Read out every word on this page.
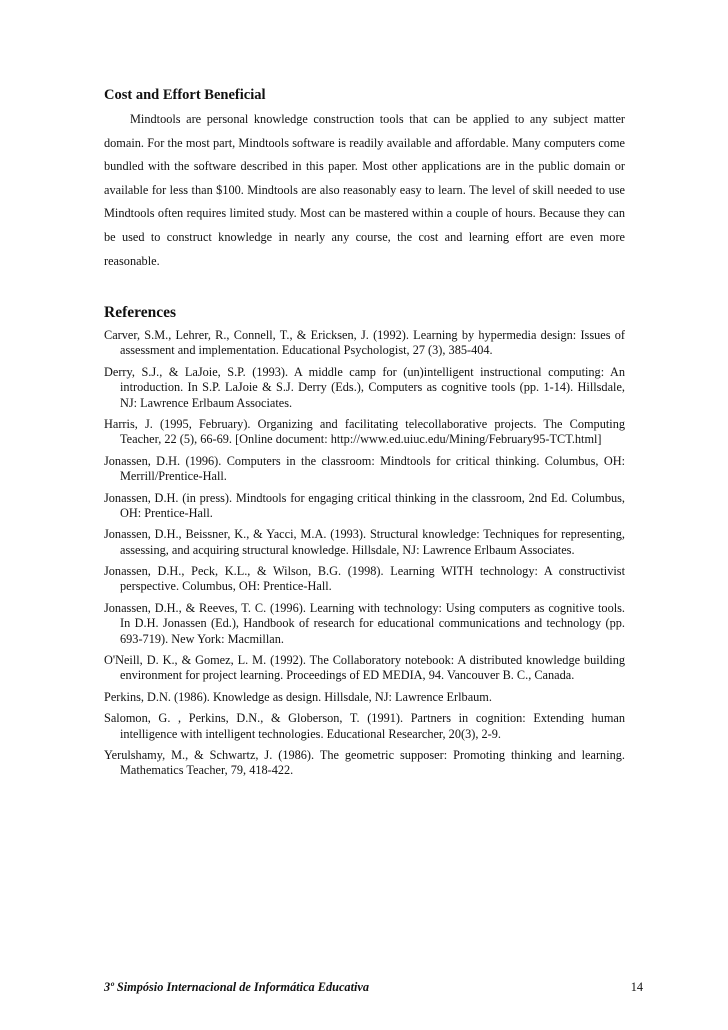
Cost and Effort Beneficial

Mindtools are personal knowledge construction tools that can be applied to any subject matter domain. For the most part, Mindtools software is readily available and affordable. Many computers come bundled with the software described in this paper. Most other applications are in the public domain or available for less than $100. Mindtools are also reasonably easy to learn. The level of skill needed to use Mindtools often requires limited study. Most can be mastered within a couple of hours. Because they can be used to construct knowledge in nearly any course, the cost and learning effort are even more reasonable.

References

Carver, S.M., Lehrer, R., Connell, T., & Ericksen, J. (1992). Learning by hypermedia design: Issues of assessment and implementation. Educational Psychologist, 27 (3), 385-404.

Derry, S.J., & LaJoie, S.P. (1993). A middle camp for (un)intelligent instructional computing: An introduction. In S.P. LaJoie & S.J. Derry (Eds.), Computers as cognitive tools (pp. 1-14). Hillsdale, NJ: Lawrence Erlbaum Associates.

Harris, J. (1995, February). Organizing and facilitating telecollaborative projects. The Computing Teacher, 22 (5), 66-69. [Online document: http://www.ed.uiuc.edu/Mining/February95-TCT.html]

Jonassen, D.H. (1996). Computers in the classroom: Mindtools for critical thinking. Columbus, OH: Merrill/Prentice-Hall.

Jonassen, D.H. (in press). Mindtools for engaging critical thinking in the classroom, 2nd Ed. Columbus, OH: Prentice-Hall.

Jonassen, D.H., Beissner, K., & Yacci, M.A. (1993). Structural knowledge: Techniques for representing, assessing, and acquiring structural knowledge. Hillsdale, NJ: Lawrence Erlbaum Associates.

Jonassen, D.H., Peck, K.L., & Wilson, B.G. (1998). Learning WITH technology: A constructivist perspective. Columbus, OH: Prentice-Hall.

Jonassen, D.H., & Reeves, T. C. (1996). Learning with technology: Using computers as cognitive tools. In D.H. Jonassen (Ed.), Handbook of research for educational communications and technology (pp. 693-719). New York: Macmillan.

O'Neill, D. K., & Gomez, L. M. (1992). The Collaboratory notebook: A distributed knowledge building environment for project learning. Proceedings of ED MEDIA, 94. Vancouver B. C., Canada.

Perkins, D.N. (1986). Knowledge as design. Hillsdale, NJ: Lawrence Erlbaum.

Salomon, G. , Perkins, D.N., & Globerson, T. (1991). Partners in cognition: Extending human intelligence with intelligent technologies. Educational Researcher, 20(3), 2-9.

Yerulshamy, M., & Schwartz, J. (1986). The geometric supposer: Promoting thinking and learning. Mathematics Teacher, 79, 418-422.

3º Simpósio Internacional de Informática Educativa	14
